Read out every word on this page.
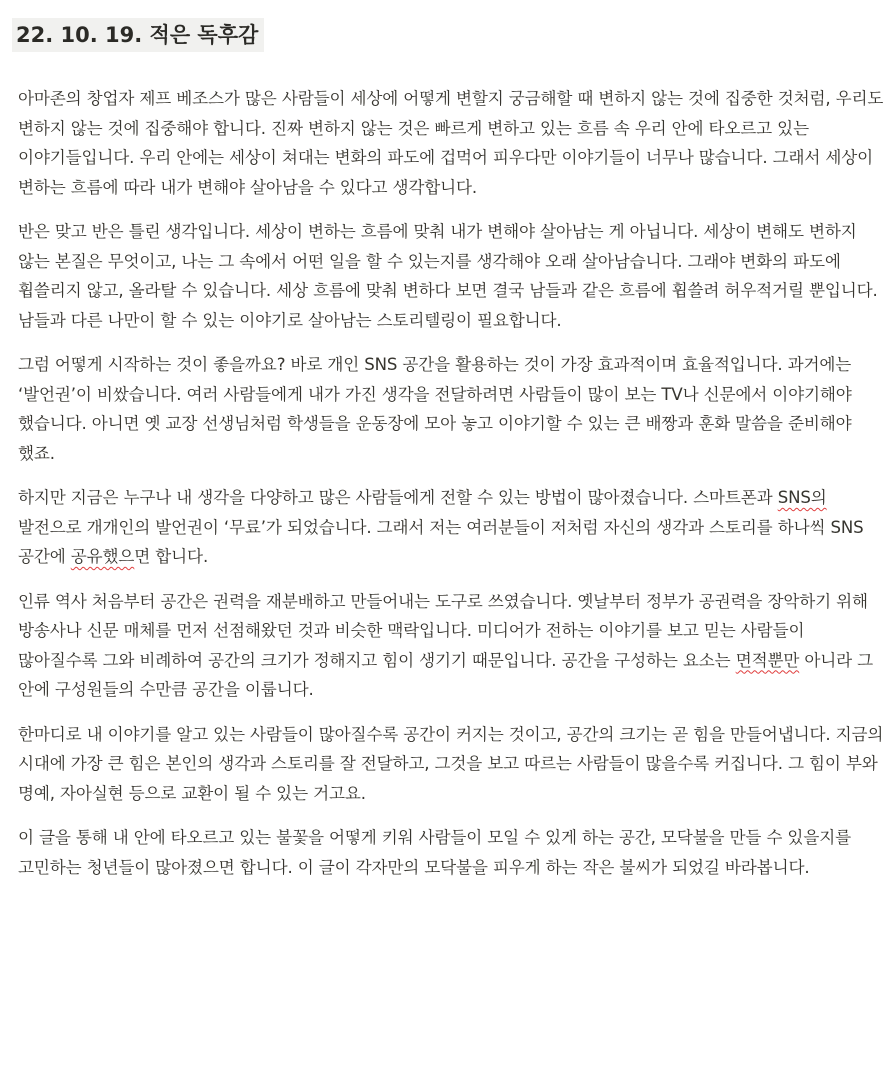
22. 10. 19. 적은 독후감

아마존의 창업자 제프 베조스가 많은 사람들이 세상에 어떻게 변할지 궁금해할 때 변하지 않는 것에 집중한 것처럼, 우리도 변하지 않는 것에 집중해야 합니다. 진짜 변하지 않는 것은 빠르게 변하고 있는 흐름 속 우리 안에 타오르고 있는 이야기들입니다. 우리 안에는 세상이 쳐대는 변화의 파도에 겁먹어 피우다만 이야기들이 너무나 많습니다. 그래서 세상이 변하는 흐름에 따라 내가 변해야 살아남을 수 있다고 생각합니다.

반은 맞고 반은 틀린 생각입니다. 세상이 변하는 흐름에 맞춰 내가 변해야 살아남는 게 아닙니다. 세상이 변해도 변하지 않는 본질은 무엇이고, 나는 그 속에서 어떤 일을 할 수 있는지를 생각해야 오래 살아남습니다. 그래야 변화의 파도에 휩쓸리지 않고, 올라탈 수 있습니다. 세상 흐름에 맞춰 변하다 보면 결국 남들과 같은 흐름에 휩쓸려 허우적거릴 뿐입니다. 남들과 다른 나만이 할 수 있는 이야기로 살아남는 스토리텔링이 필요합니다.

그럼 어떻게 시작하는 것이 좋을까요? 바로 개인 SNS 공간을 활용하는 것이 가장 효과적이며 효율적입니다. 과거에는 ‘발언권’이 비쌌습니다. 여러 사람들에게 내가 가진 생각을 전달하려면 사람들이 많이 보는 TV나 신문에서 이야기해야 했습니다. 아니면 옛 교장 선생님처럼 학생들을 운동장에 모아 놓고 이야기할 수 있는 큰 배짱과 훈화 말씀을 준비해야 했죠.

하지만 지금은 누구나 내 생각을 다양하고 많은 사람들에게 전할 수 있는 방법이 많아졌습니다. 스마트폰과 SNS의 발전으로 개개인의 발언권이 ‘무료’가 되었습니다. 그래서 저는 여러분들이 저처럼 자신의 생각과 스토리를 하나씩 SNS 공간에 공유했으면 합니다.

인류 역사 처음부터 공간은 권력을 재분배하고 만들어내는 도구로 쓰였습니다. 옛날부터 정부가 공권력을 장악하기 위해 방송사나 신문 매체를 먼저 선점해왔던 것과 비슷한 맥락입니다. 미디어가 전하는 이야기를 보고 믿는 사람들이 많아질수록 그와 비례하여 공간의 크기가 정해지고 힘이 생기기 때문입니다. 공간을 구성하는 요소는 면적뿐만 아니라 그 안에 구성원들의 수만큼 공간을 이룹니다.

한마디로 내 이야기를 알고 있는 사람들이 많아질수록 공간이 커지는 것이고, 공간의 크기는 곧 힘을 만들어냅니다. 지금의 시대에 가장 큰 힘은 본인의 생각과 스토리를 잘 전달하고, 그것을 보고 따르는 사람들이 많을수록 커집니다. 그 힘이 부와 명예, 자아실현 등으로 교환이 될 수 있는 거고요.

이 글을 통해 내 안에 타오르고 있는 불꽃을 어떻게 키워 사람들이 모일 수 있게 하는 공간, 모닥불을 만들 수 있을지를 고민하는 청년들이 많아졌으면 합니다. 이 글이 각자만의 모닥불을 피우게 하는 작은 불씨가 되었길 바라봅니다.
